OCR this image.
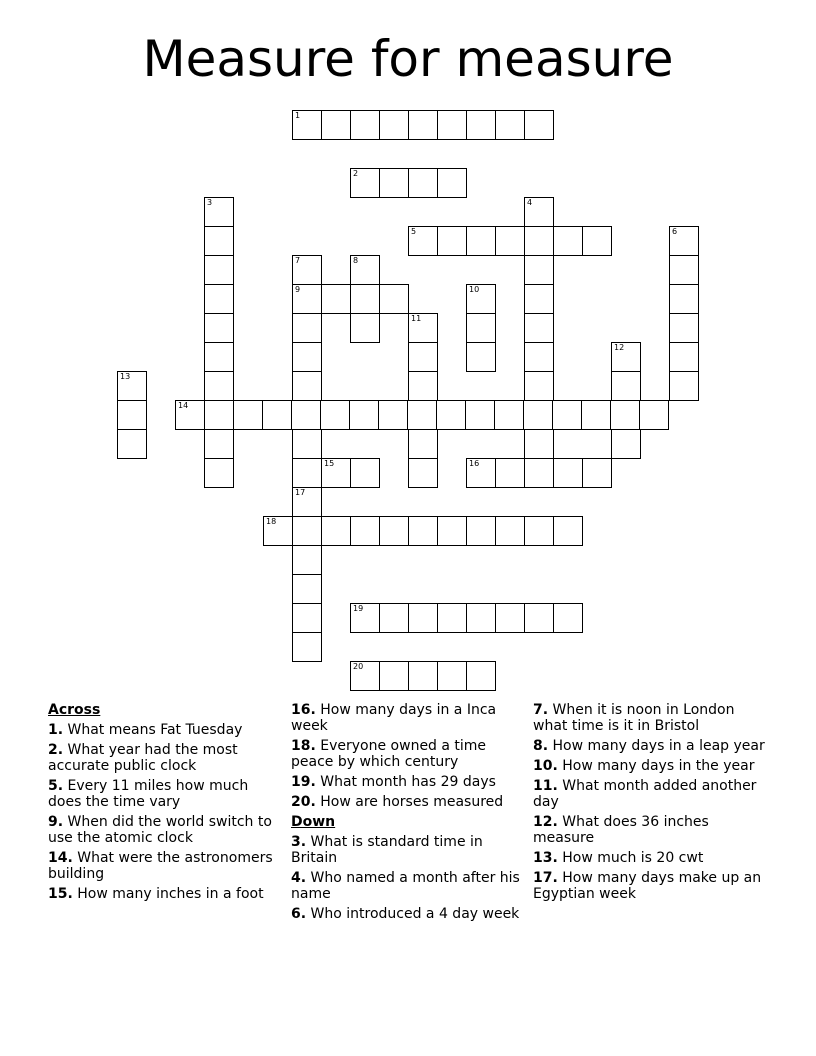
Measure for measure
1
2
3	4
5	6
7
9
17
8
10
11
12
13
14
15	16
18
19
20
Across
1. What means Fat Tuesday
2. What year had the most accurate public clock
5. Every 11 miles how much does the time vary
9. When did the world switch to use the atomic clock
14. What were the astronomers building
15. How many inches in a foot
16. How many days in a Inca week
18. Everyone owned a time peace by which century
19. What month has 29 days
20. How are horses measured
Down
3. What is standard time in Britain
4. Who named a month after his name
6. Who introduced a 4 day week
7. When it is noon in London what time is it in Bristol
8. How many days in a leap year
10. How many days in the year
11. What month added another day
12. What does 36 inches measure
13. How much is 20 cwt
17. How many days make up an Egyptian week
